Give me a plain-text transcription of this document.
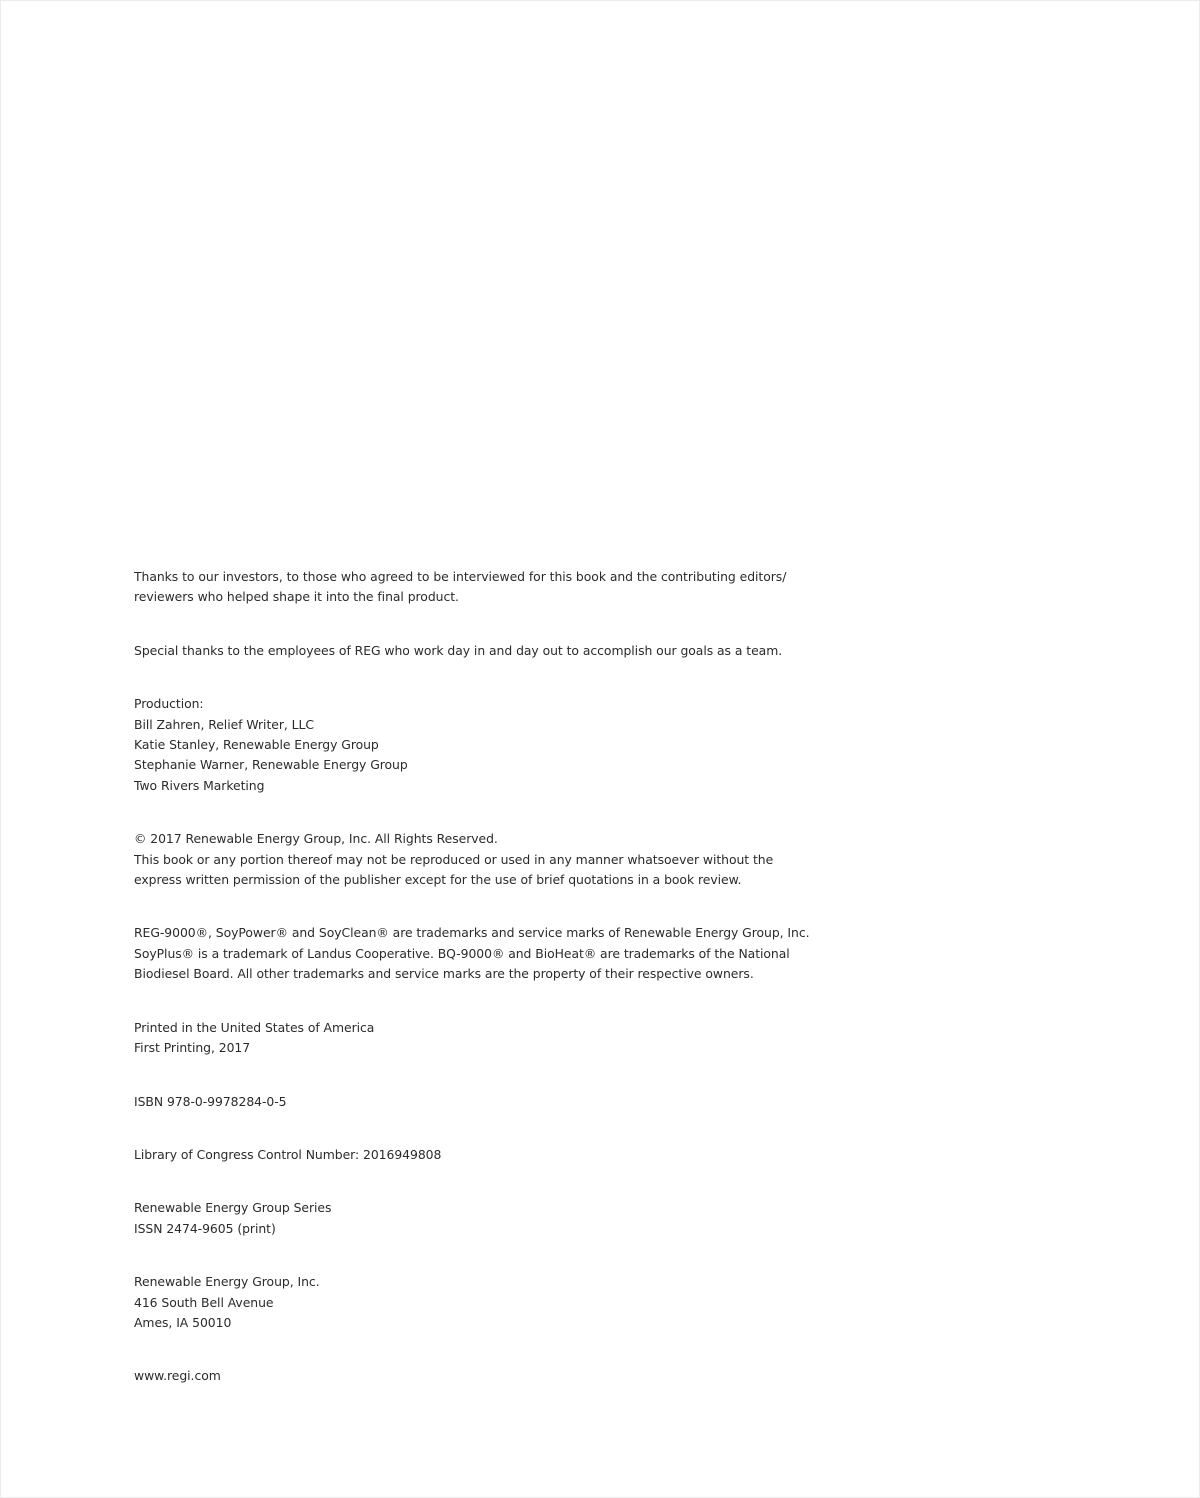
Thanks to our investors, to those who agreed to be interviewed for this book and the contributing editors/
reviewers who helped shape it into the final product.

Special thanks to the employees of REG who work day in and day out to accomplish our goals as a team.

Production:
Bill Zahren, Relief Writer, LLC
Katie Stanley, Renewable Energy Group
Stephanie Warner, Renewable Energy Group
Two Rivers Marketing

© 2017 Renewable Energy Group, Inc. All Rights Reserved.
This book or any portion thereof may not be reproduced or used in any manner whatsoever without the
express written permission of the publisher except for the use of brief quotations in a book review.

REG-9000®, SoyPower® and SoyClean® are trademarks and service marks of Renewable Energy Group, Inc.
SoyPlus® is a trademark of Landus Cooperative. BQ-9000® and BioHeat® are trademarks of the National
Biodiesel Board. All other trademarks and service marks are the property of their respective owners.

Printed in the United States of America
First Printing, 2017

ISBN 978-0-9978284-0-5

Library of Congress Control Number: 2016949808

Renewable Energy Group Series
ISSN 2474-9605 (print)

Renewable Energy Group, Inc.
416 South Bell Avenue
Ames, IA 50010

www.regi.com
